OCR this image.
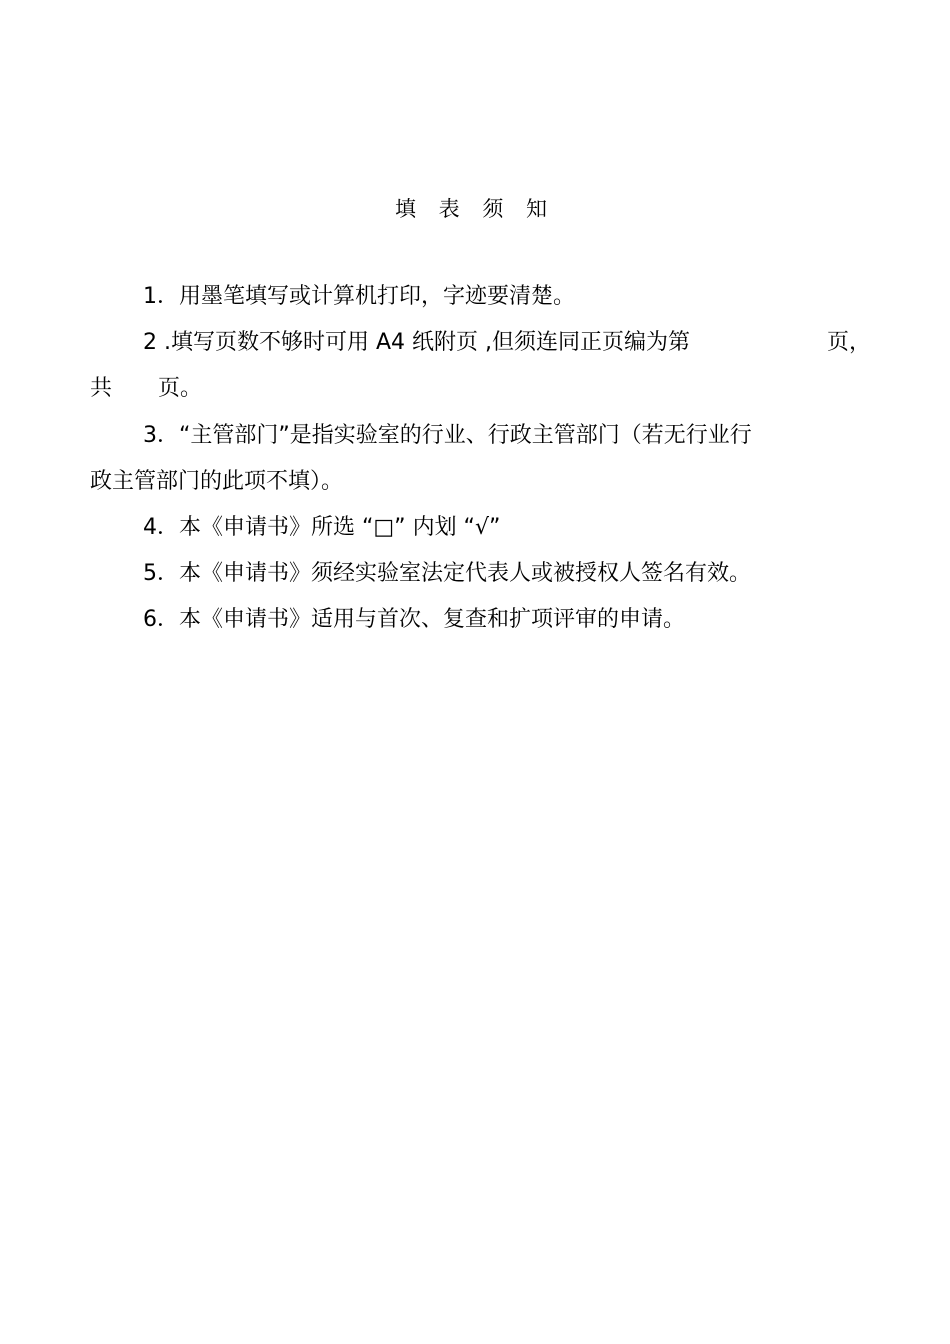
填 表 须 知
1．用墨笔填写或计算机打印，字迹要清楚。
2 .填写页数不够时可用 A4 纸附页 ,但须连同正页编为第	页，
共 页。
3．“主管部门”是指实验室的行业、行政主管部门（若无行业行
政主管部门的此项不填）。
4．本《申请书》所选 “□” 内划 “√”
5．本《申请书》须经实验室法定代表人或被授权人签名有效。
6．本《申请书》适用与首次、复查和扩项评审的申请。
